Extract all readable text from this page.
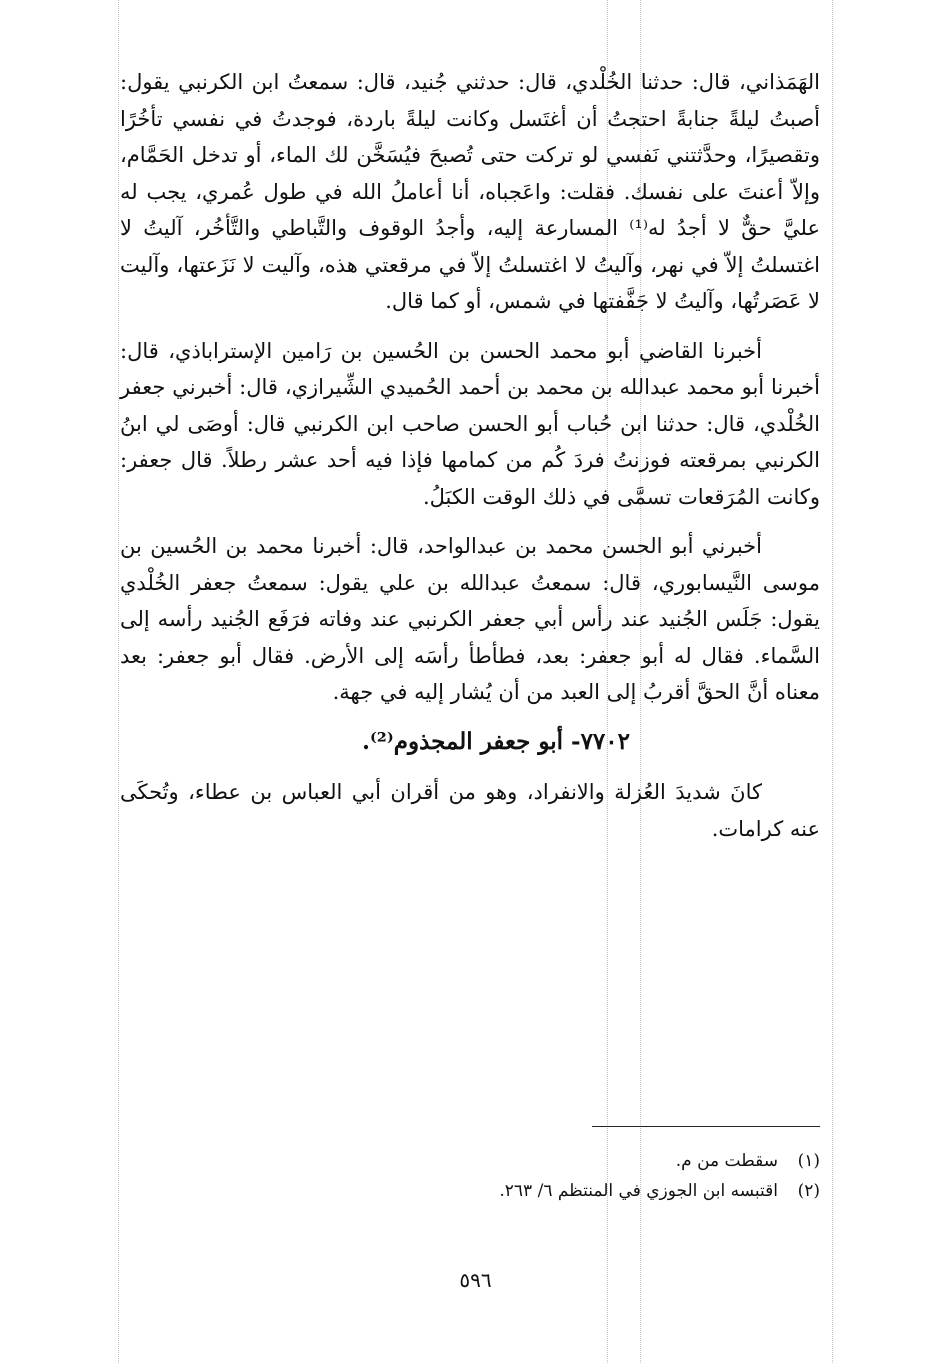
الهَمَذاني، قال: حدثنا الخُلْدي، قال: حدثني جُنيد، قال: سمعتُ ابن الكرنبي يقول: أصبتُ ليلةً جنابةً احتجتُ أن أغتَسل وكانت ليلةً باردة، فوجدتُ في نفسي تأخُرًا وتقصيرًا، وحدَّثتني نَفسي لو تركت حتى تُصبحَ فيُسَخَّن لك الماء، أو تدخل الحَمَّام، وإلاّ أعنتَ على نفسك. فقلت: واعَجباه، أنا أعاملُ الله في طول عُمري، يجب له عليَّ حقٌّ لا أجدُ له⁽¹⁾ المسارعة إليه، وأجدُ الوقوف والتَّباطي والتَّأخُر، آليتُ لا اغتسلتُ إلاّ في نهر، وآليتُ لا اغتسلتُ إلاّ في مرقعتي هذه، وآليت لا نَزَعتها، وآليت لا عَصَرتُها، وآليتُ لا جَفَّفتها في شمس، أو كما قال.

أخبرنا القاضي أبو محمد الحسن بن الحُسين بن رَامين الإستراباذي، قال: أخبرنا أبو محمد عبدالله بن محمد بن أحمد الحُميدي الشِّيرازي، قال: أخبرني جعفر الخُلْدي، قال: حدثنا ابن حُباب أبو الحسن صاحب ابن الكرنبي قال: أوصَى لي ابنُ الكرنبي بمرقعته فوزنتُ فردَ كُم من كمامها فإذا فيه أحد عشر رطلاً. قال جعفر: وكانت المُرَقعات تسمَّى في ذلك الوقت الكبَلُ.

أخبرني أبو الحسن محمد بن عبدالواحد، قال: أخبرنا محمد بن الحُسين بن موسى النَّيسابوري، قال: سمعتُ عبدالله بن علي يقول: سمعتُ جعفر الخُلْدي يقول: جَلَس الجُنيد عند رأس أبي جعفر الكرنبي عند وفاته فرَفَع الجُنيد رأسه إلى السَّماء. فقال له أبو جعفر: بعد، فطأطأ رأسَه إلى الأرض. فقال أبو جعفر: بعد معناه أنَّ الحقَّ أقربُ إلى العبد من أن يُشار إليه في جهة.

٧٧٠٢- أبو جعفر المجذوم⁽²⁾.

كانَ شديدَ العُزلة والانفراد، وهو من أقران أبي العباس بن عطاء، وتُحكَى عنه كرامات.

(١)سقطت من م.

(٢)اقتبسه ابن الجوزي في المنتظم ٦/ ٢٦٣.

٥٩٦
